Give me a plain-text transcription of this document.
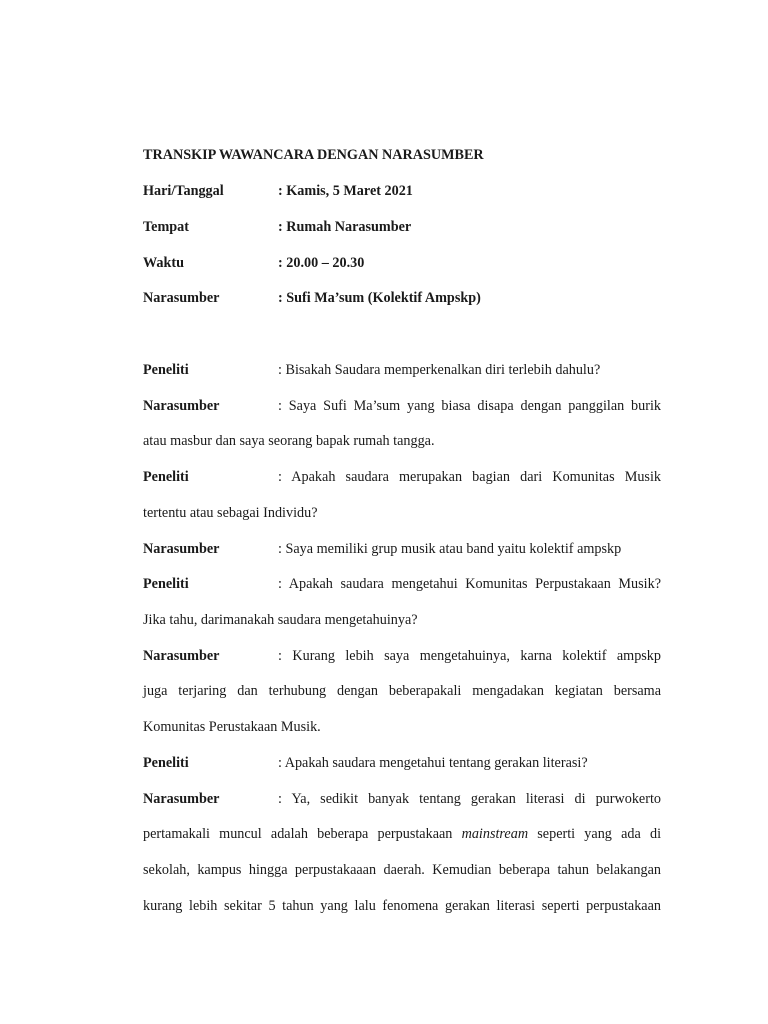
TRANSKIP WAWANCARA DENGAN NARASUMBER
Hari/Tanggal	: Kamis, 5 Maret 2021
Tempat	: Rumah Narasumber
Waktu	: 20.00 – 20.30
Narasumber	: Sufi Ma’sum (Kolektif Ampskp)
Peneliti	: Bisakah Saudara memperkenalkan diri terlebih dahulu?
Narasumber	: Saya Sufi Ma’sum yang biasa disapa dengan panggilan burik
atau masbur dan saya seorang bapak rumah tangga.
Peneliti	: Apakah saudara merupakan bagian dari Komunitas Musik
tertentu atau sebagai Individu?
Narasumber	: Saya memiliki grup musik atau band yaitu kolektif ampskp
Peneliti	: Apakah saudara mengetahui Komunitas Perpustakaan Musik?
Jika tahu, darimanakah saudara mengetahuinya?
Narasumber	: Kurang lebih saya mengetahuinya, karna kolektif ampskp
juga terjaring dan terhubung dengan beberapakali mengadakan kegiatan bersama
Komunitas Perustakaan Musik.
Peneliti	: Apakah saudara mengetahui tentang gerakan literasi?
Narasumber	: Ya, sedikit banyak tentang gerakan literasi di purwokerto
pertamakali muncul adalah beberapa perpustakaan mainstream seperti yang ada di
sekolah, kampus hingga perpustakaaan daerah. Kemudian beberapa tahun belakangan
kurang lebih sekitar 5 tahun yang lalu fenomena gerakan literasi seperti perpustakaan
